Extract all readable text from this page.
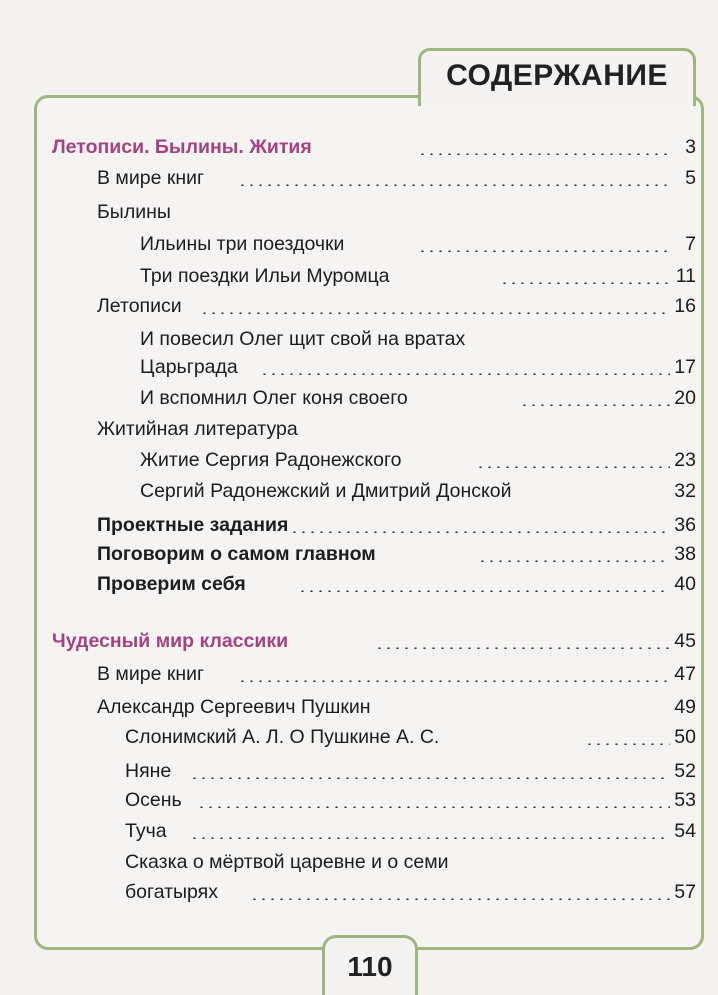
СОДЕРЖАНИЕ
Летописи. Былины. Жития	3
В мире книг	5
Былины
Ильины три поездочки	7
Три поездки Ильи Муромца	11
Летописи	16
И повесил Олег щит свой на вратах
Царьграда	17
И вспомнил Олег коня своего	20
Житийная литература
Житие Сергия Радонежского	23
Сергий Радонежский и Дмитрий Донской	32
Проектные задания	36
Поговорим о самом главном	38
Проверим себя	40
Чудесный мир классики	45
В мире книг	47
Александр Сергеевич Пушкин	49
Слонимский А. Л. О Пушкине А. С.	50
Няне	52
Осень	53
Туча	54
Сказка о мёртвой царевне и о семи
богатырях	57
110
